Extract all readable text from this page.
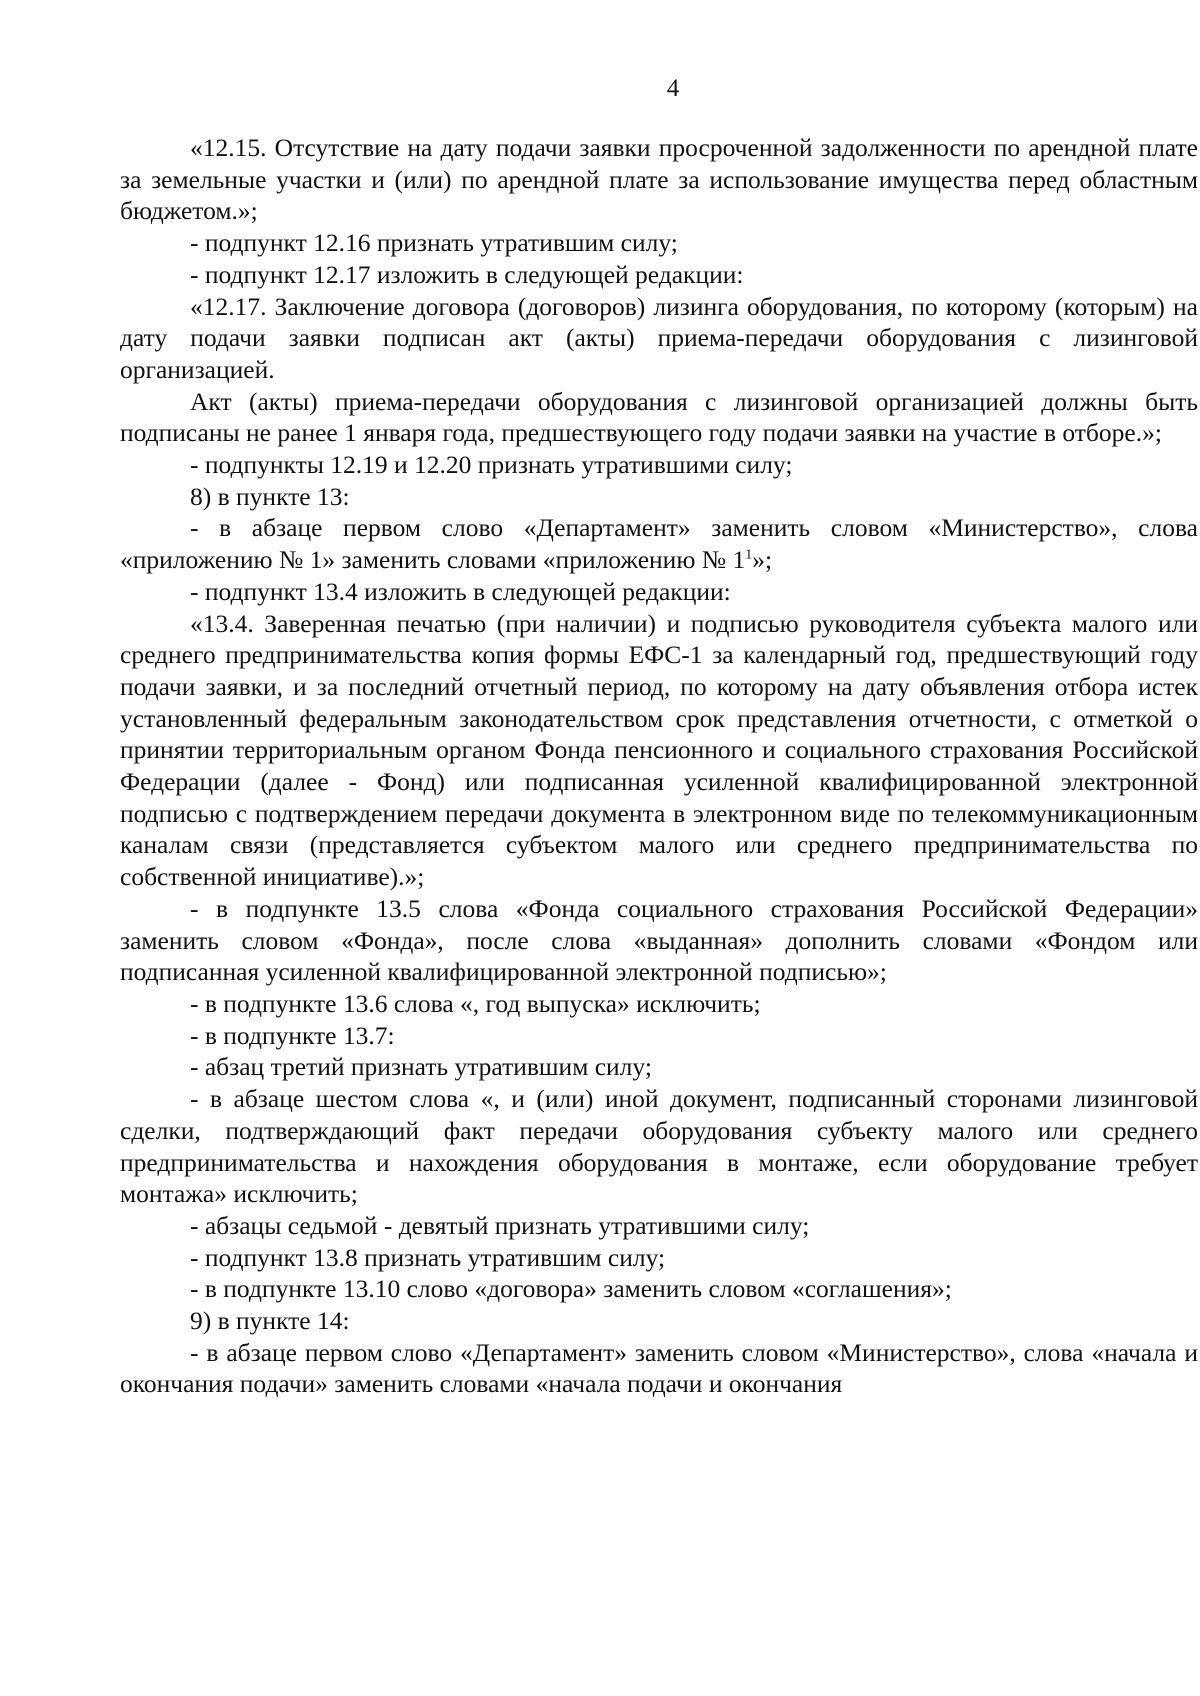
4

«12.15. Отсутствие на дату подачи заявки просроченной задолженности по арендной плате за земельные участки и (или) по арендной плате за использование имущества перед областным бюджетом.»;

- подпункт 12.16 признать утратившим силу;

- подпункт 12.17 изложить в следующей редакции:

«12.17. Заключение договора (договоров) лизинга оборудования, по которому (которым) на дату подачи заявки подписан акт (акты) приема-передачи оборудования с лизинговой организацией.

Акт (акты) приема-передачи оборудования с лизинговой организацией должны быть подписаны не ранее 1 января года, предшествующего году подачи заявки на участие в отборе.»;

- подпункты 12.19 и 12.20 признать утратившими силу;

8) в пункте 13:

- в абзаце первом слово «Департамент» заменить словом «Министерство», слова «приложению № 1» заменить словами «приложению № $1^1$»;

- подпункт 13.4 изложить в следующей редакции:

«13.4. Заверенная печатью (при наличии) и подписью руководителя субъекта малого или среднего предпринимательства копия формы ЕФС-1 за календарный год, предшествующий году подачи заявки, и за последний отчетный период, по которому на дату объявления отбора истек установленный федеральным законодательством срок представления отчетности, с отметкой о принятии территориальным органом Фонда пенсионного и социального страхования Российской Федерации (далее - Фонд) или подписанная усиленной квалифицированной электронной подписью с подтверждением передачи документа в электронном виде по телекоммуникационным каналам связи (представляется субъектом малого или среднего предпринимательства по собственной инициативе).»;

- в подпункте 13.5 слова «Фонда социального страхования Российской Федерации» заменить словом «Фонда», после слова «выданная» дополнить словами «Фондом или подписанная усиленной квалифицированной электронной подписью»;

- в подпункте 13.6 слова «, год выпуска» исключить;

- в подпункте 13.7:

- абзац третий признать утратившим силу;

- в абзаце шестом слова «, и (или) иной документ, подписанный сторонами лизинговой сделки, подтверждающий факт передачи оборудования субъекту малого или среднего предпринимательства и нахождения оборудования в монтаже, если оборудование требует монтажа» исключить;

- абзацы седьмой - девятый признать утратившими силу;

- подпункт 13.8 признать утратившим силу;

- в подпункте 13.10 слово «договора» заменить словом «соглашения»;

9) в пункте 14:

- в абзаце первом слово «Департамент» заменить словом «Министерство», слова «начала и окончания подачи» заменить словами «начала подачи и окончания
